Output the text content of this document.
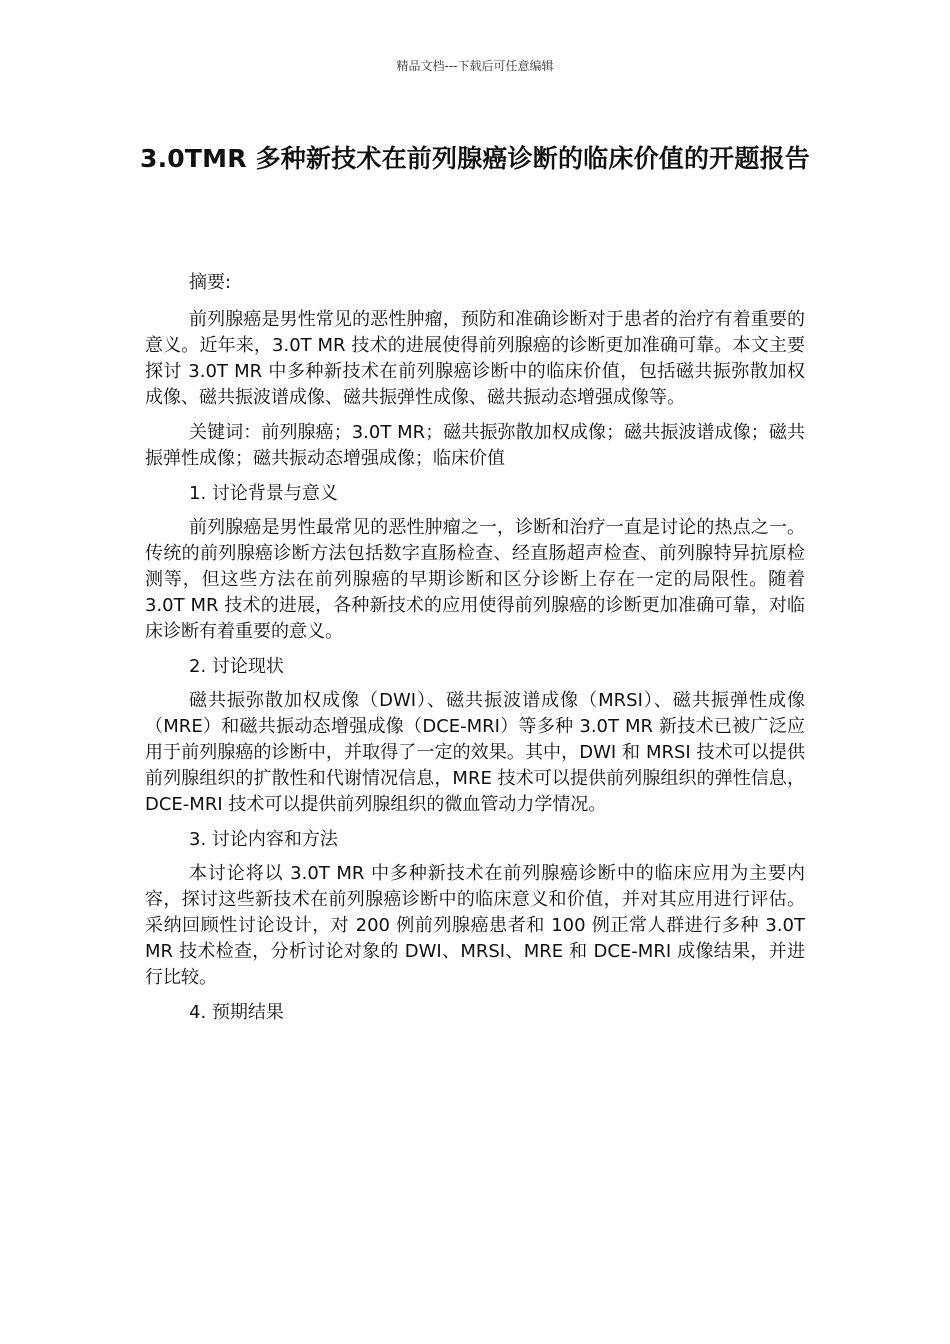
精品文档---下载后可任意编辑
3.0TMR 多种新技术在前列腺癌诊断的临床价值的开题报告

摘要:

前列腺癌是男性常见的恶性肿瘤，预防和准确诊断对于患者的治疗有着重要的意义。近年来，3.0T MR 技术的进展使得前列腺癌的诊断更加准确可靠。本文主要探讨 3.0T MR 中多种新技术在前列腺癌诊断中的临床价值，包括磁共振弥散加权成像、磁共振波谱成像、磁共振弹性成像、磁共振动态增强成像等。

关键词：前列腺癌；3.0T MR；磁共振弥散加权成像；磁共振波谱成像；磁共振弹性成像；磁共振动态增强成像；临床价值

1. 讨论背景与意义

前列腺癌是男性最常见的恶性肿瘤之一，诊断和治疗一直是讨论的热点之一。传统的前列腺癌诊断方法包括数字直肠检查、经直肠超声检查、前列腺特异抗原检测等，但这些方法在前列腺癌的早期诊断和区分诊断上存在一定的局限性。随着 3.0T MR 技术的进展，各种新技术的应用使得前列腺癌的诊断更加准确可靠，对临床诊断有着重要的意义。

2. 讨论现状

磁共振弥散加权成像（DWI）、磁共振波谱成像（MRSI）、磁共振弹性成像（MRE）和磁共振动态增强成像（DCE-MRI）等多种 3.0T MR 新技术已被广泛应用于前列腺癌的诊断中，并取得了一定的效果。其中，DWI 和 MRSI 技术可以提供前列腺组织的扩散性和代谢情况信息，MRE 技术可以提供前列腺组织的弹性信息，DCE-MRI 技术可以提供前列腺组织的微血管动力学情况。

3. 讨论内容和方法

本讨论将以 3.0T MR 中多种新技术在前列腺癌诊断中的临床应用为主要内容，探讨这些新技术在前列腺癌诊断中的临床意义和价值，并对其应用进行评估。采纳回顾性讨论设计，对 200 例前列腺癌患者和 100 例正常人群进行多种 3.0T MR 技术检查，分析讨论对象的 DWI、MRSI、MRE 和 DCE-MRI 成像结果，并进行比较。

4. 预期结果
